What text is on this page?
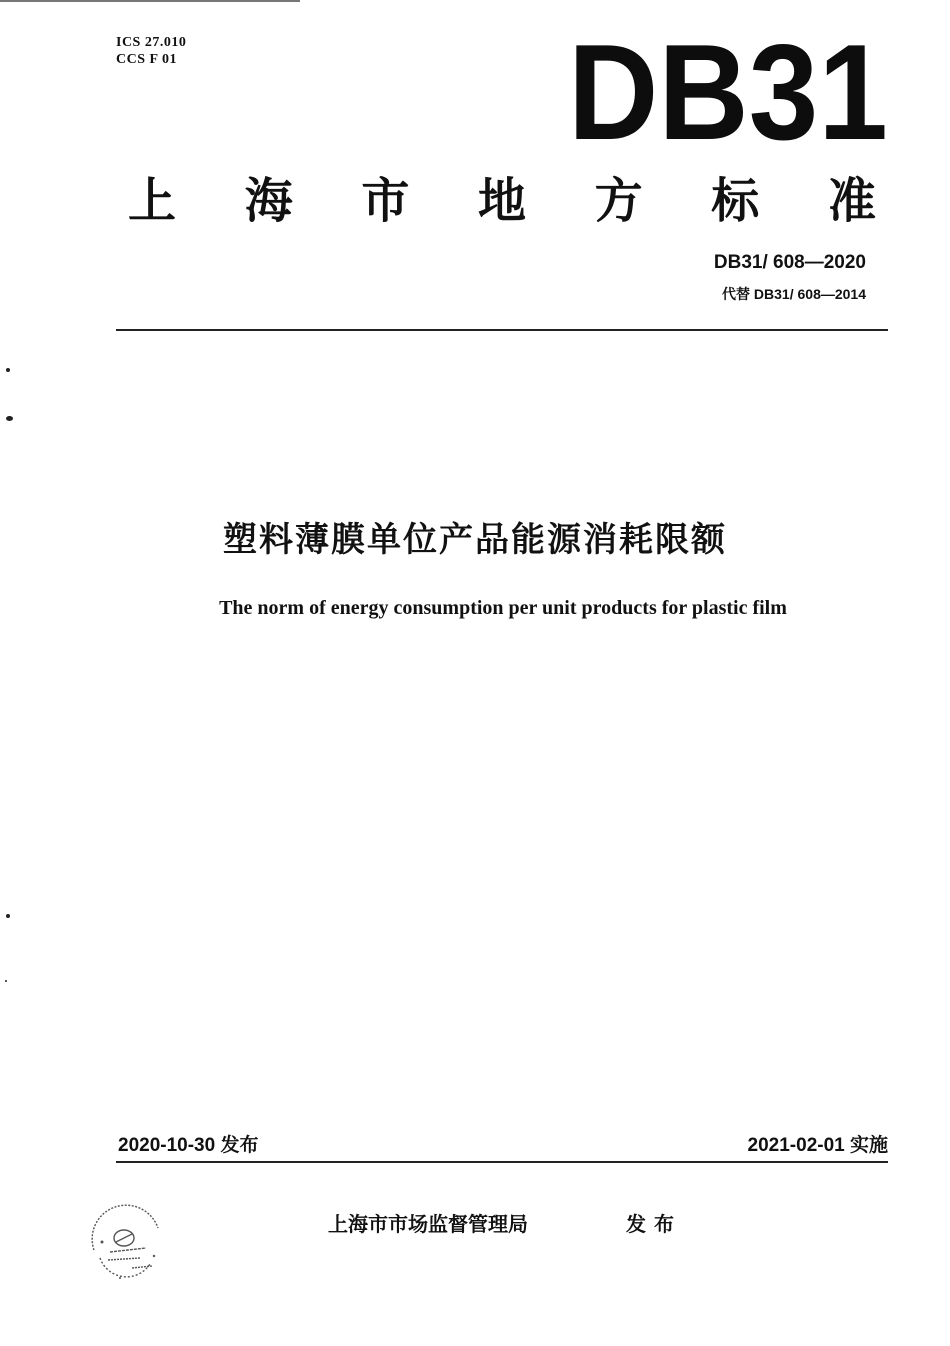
ICS 27.010
CCS F 01	DB31
上 海 市 地 方 标 准
DB31/ 608—2020
代替 DB31/ 608—2014
塑料薄膜单位产品能源消耗限额
The norm of energy consumption per unit products for plastic film
2020-10-30 发布	2021-02-01 实施
上海市市场监督管理局	发布
